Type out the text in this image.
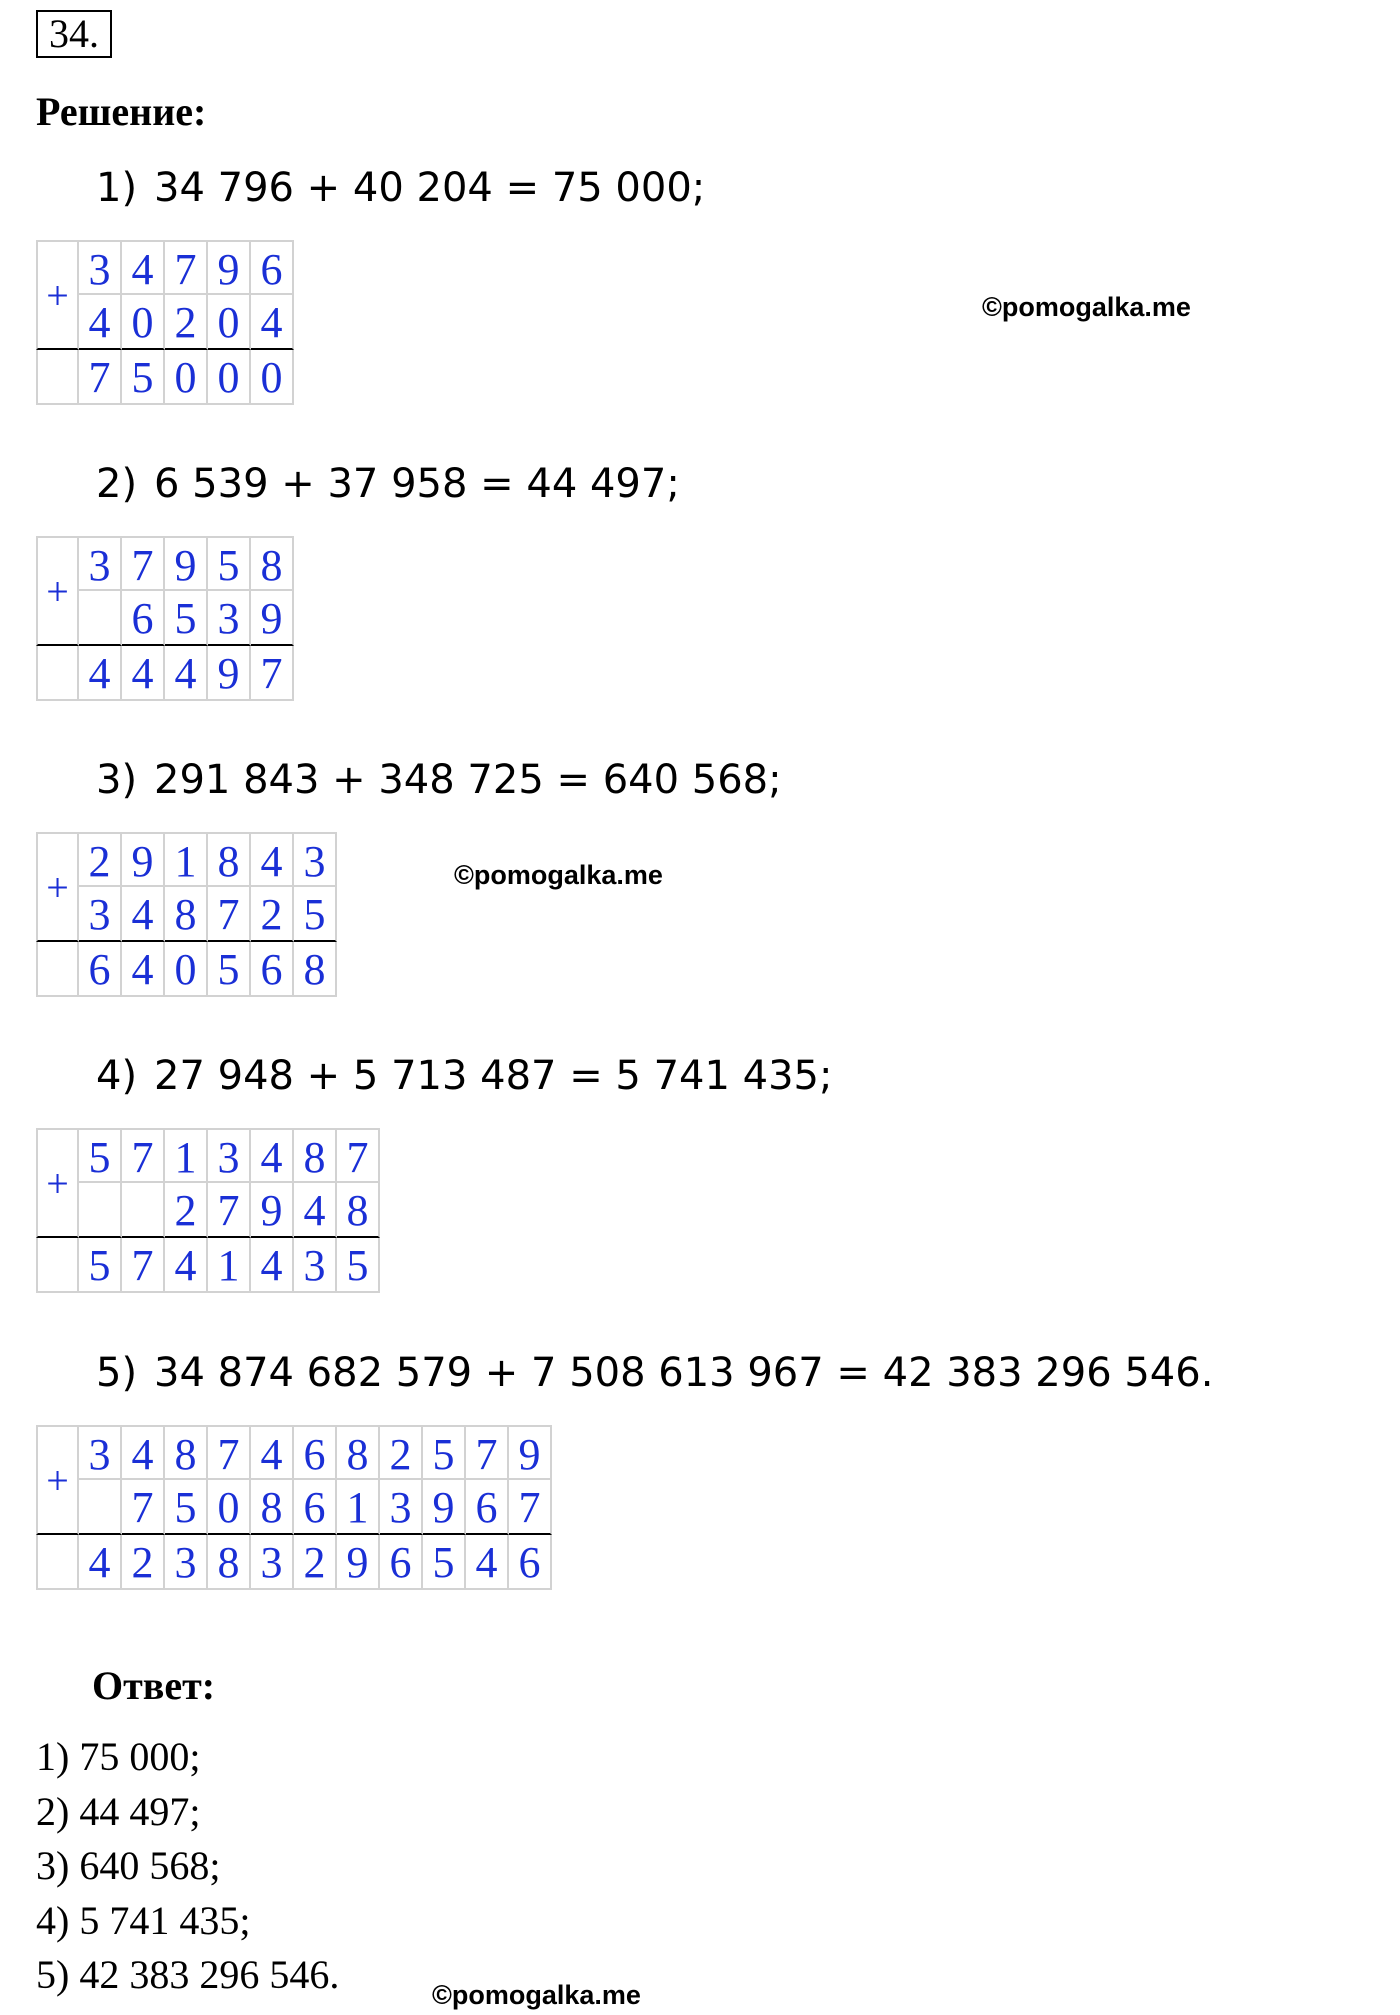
34.
Решение:
1) 34 796 + 40 204 = 75 000;
+
3 4 7 9 6
4 0 2 0 4
7 5 0 0 0
2) 6 539 + 37 958 = 44 497;
+
3 7 9 5 8
6 5 3 9
4 4 4 9 7
3) 291 843 + 348 725 = 640 568;
+
2 9 1 8 4 3
3 4 8 7 2 5
6 4 0 5 6 8
4) 27 948 + 5 713 487 = 5 741 435;
+
5 7 1 3 4 8 7
2 7 9 4 8
5 7 4 1 4 3 5
5) 34 874 682 579 + 7 508 613 967 = 42 383 296 546.
+
3 4 8 7 4 6 8 2 5 7 9
7 5 0 8 6 1 3 9 6 7
4 2 3 8 3 2 9 6 5 4 6
©pomogalka.me
©pomogalka.me
©pomogalka.me
Ответ:
1) 75 000;
2) 44 497;
3) 640 568;
4) 5 741 435;
5) 42 383 296 546.
